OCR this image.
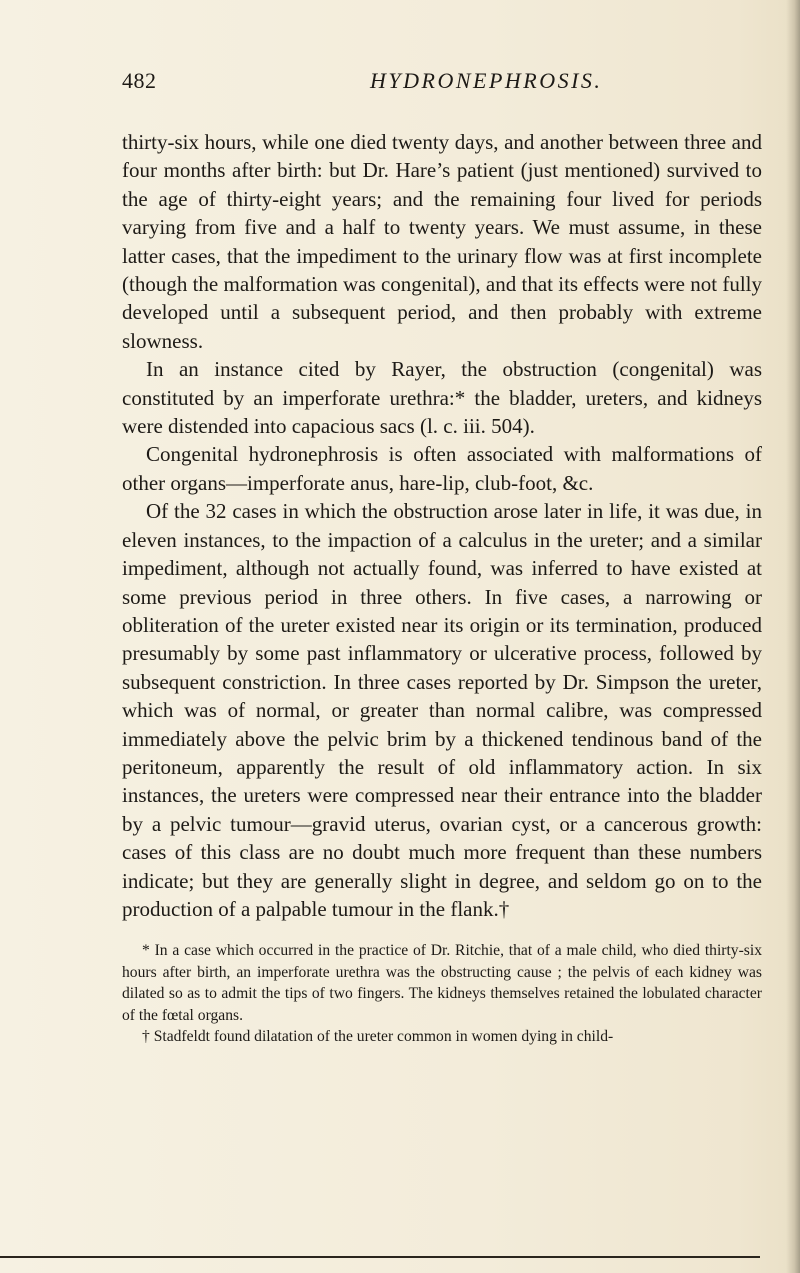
482	HYDRONEPHROSIS.

thirty-six hours, while one died twenty days, and another between three and four months after birth: but Dr. Hare’s patient (just mentioned) survived to the age of thirty-eight years; and the remaining four lived for periods varying from five and a half to twenty years. We must assume, in these latter cases, that the impediment to the urinary flow was at first incomplete (though the malformation was congenital), and that its effects were not fully developed until a subsequent period, and then probably with extreme slowness.

In an instance cited by Rayer, the obstruction (congenital) was constituted by an imperforate urethra:* the bladder, ureters, and kidneys were distended into capacious sacs (l. c. iii. 504).

Congenital hydronephrosis is often associated with malformations of other organs—imperforate anus, hare-lip, club-foot, &c.

Of the 32 cases in which the obstruction arose later in life, it was due, in eleven instances, to the impaction of a calculus in the ureter; and a similar impediment, although not actually found, was inferred to have existed at some previous period in three others. In five cases, a narrowing or obliteration of the ureter existed near its origin or its termination, produced presumably by some past inflammatory or ulcerative process, followed by subsequent constriction. In three cases reported by Dr. Simpson the ureter, which was of normal, or greater than normal calibre, was compressed immediately above the pelvic brim by a thickened tendinous band of the peritoneum, apparently the result of old inflammatory action. In six instances, the ureters were compressed near their entrance into the bladder by a pelvic tumour—gravid uterus, ovarian cyst, or a cancerous growth: cases of this class are no doubt much more frequent than these numbers indicate; but they are generally slight in degree, and seldom go on to the production of a palpable tumour in the flank.†

* In a case which occurred in the practice of Dr. Ritchie, that of a male child, who died thirty-six hours after birth, an imperforate urethra was the obstructing cause ; the pelvis of each kidney was dilated so as to admit the tips of two fingers. The kidneys themselves retained the lobulated character of the fœtal organs.

† Stadfeldt found dilatation of the ureter common in women dying in child-
